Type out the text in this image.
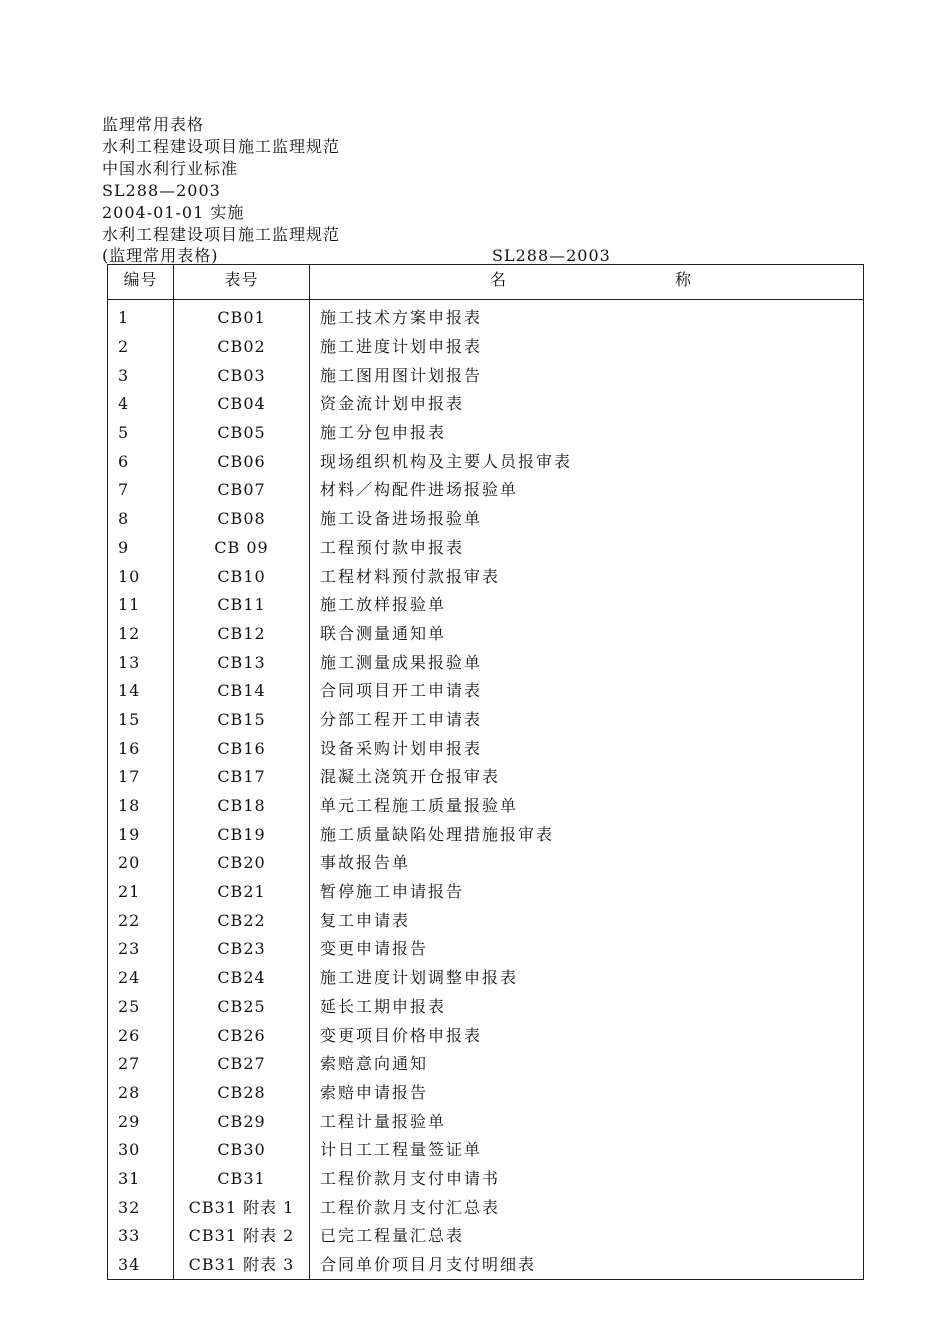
监理常用表格
水利工程建设项目施工监理规范
中国水利行业标准
SL288—2003
2004-01-01 实施
水利工程建设项目施工监理规范
(监理常用表格)	SL288—2003
编号	表号	名 称
1	CB01	施工技术方案申报表
2	CB02	施工进度计划申报表
3	CB03	施工图用图计划报告
4	CB04	资金流计划申报表
5	CB05	施工分包申报表
6	CB06	现场组织机构及主要人员报审表
7	CB07	材料／构配件进场报验单
8	CB08	施工设备进场报验单
9	CB 09	工程预付款申报表
10	CB10	工程材料预付款报审表
11	CB11	施工放样报验单
12	CB12	联合测量通知单
13	CB13	施工测量成果报验单
14	CB14	合同项目开工申请表
15	CB15	分部工程开工申请表
16	CB16	设备采购计划申报表
17	CB17	混凝土浇筑开仓报审表
18	CB18	单元工程施工质量报验单
19	CB19	施工质量缺陷处理措施报审表
20	CB20	事故报告单
21	CB21	暂停施工申请报告
22	CB22	复工申请表
23	CB23	变更申请报告
24	CB24	施工进度计划调整申报表
25	CB25	延长工期申报表
26	CB26	变更项目价格申报表
27	CB27	索赔意向通知
28	CB28	索赔申请报告
29	CB29	工程计量报验单
30	CB30	计日工工程量签证单
31	CB31	工程价款月支付申请书
32	CB31 附表 1	工程价款月支付汇总表
33	CB31 附表 2	已完工程量汇总表
34	CB31 附表 3	合同单价项目月支付明细表
